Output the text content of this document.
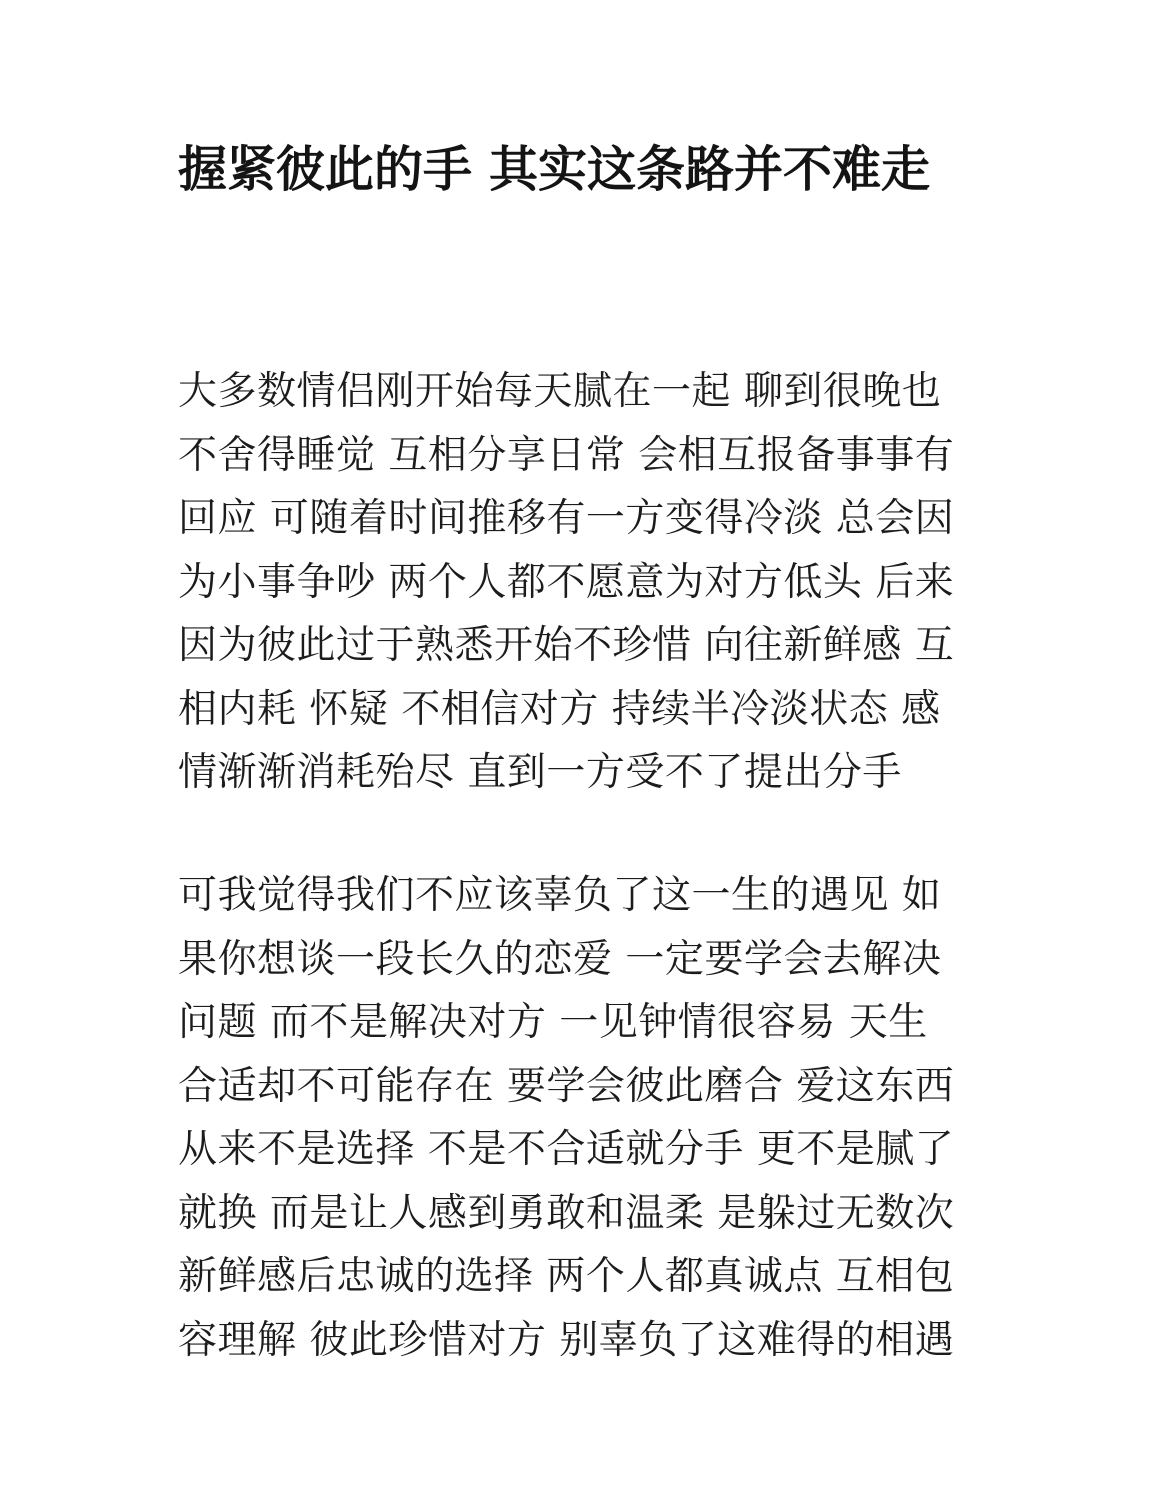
握紧彼此的手 其实这条路并不难走
大多数情侣刚开始每天腻在一起 聊到很晚也
不舍得睡觉 互相分享日常 会相互报备事事有
回应 可随着时间推移有一方变得冷淡 总会因
为小事争吵 两个人都不愿意为对方低头 后来
因为彼此过于熟悉开始不珍惜 向往新鲜感 互
相内耗 怀疑 不相信对方 持续半冷淡状态 感
情渐渐消耗殆尽 直到一方受不了提出分手
可我觉得我们不应该辜负了这一生的遇见 如
果你想谈一段长久的恋爱 一定要学会去解决
问题 而不是解决对方 一见钟情很容易 天生
合适却不可能存在 要学会彼此磨合 爱这东西
从来不是选择 不是不合适就分手 更不是腻了
就换 而是让人感到勇敢和温柔 是躲过无数次
新鲜感后忠诚的选择 两个人都真诚点 互相包
容理解 彼此珍惜对方 别辜负了这难得的相遇
